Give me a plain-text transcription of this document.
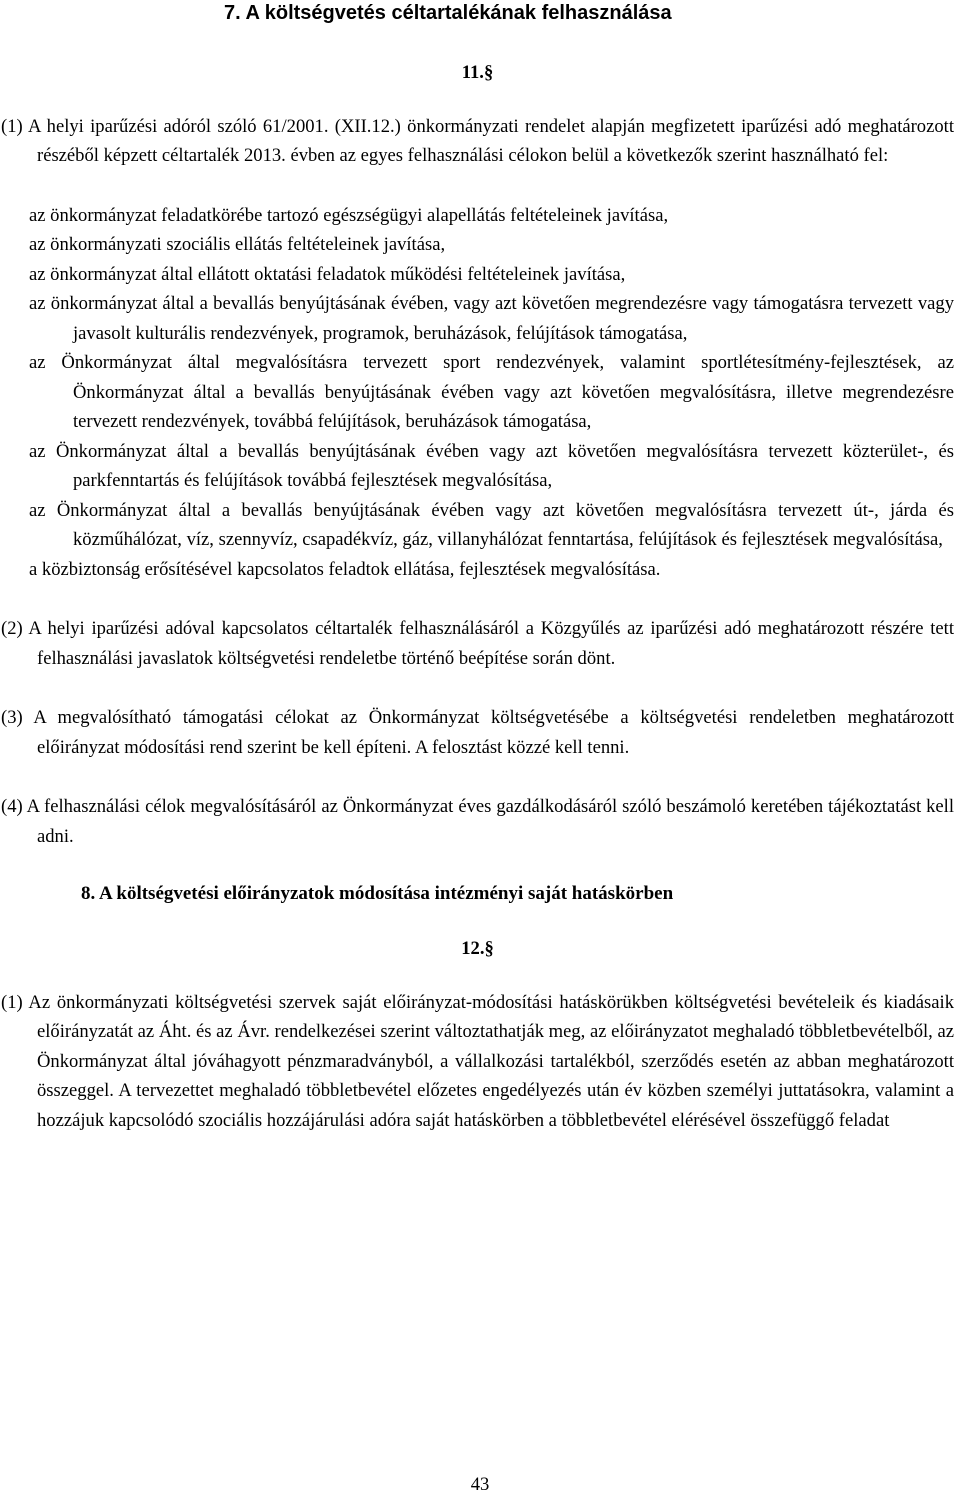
7. A költségvetés céltartalékának felhasználása
11.§

(1) A helyi iparűzési adóról szóló 61/2001. (XII.12.) önkormányzati rendelet alapján megfizetett iparűzési adó meghatározott részéből képzett céltartalék 2013. évben az egyes felhasználási célokon belül a következők szerint használható fel:

az önkormányzat feladatkörébe tartozó egészségügyi alapellátás feltételeinek javítása,
az önkormányzati szociális ellátás feltételeinek javítása,
az önkormányzat által ellátott oktatási feladatok működési feltételeinek javítása,
az önkormányzat által a bevallás benyújtásának évében, vagy azt követően megrendezésre vagy támogatásra tervezett vagy javasolt kulturális rendezvények, programok, beruházások, felújítások támogatása,
az Önkormányzat által megvalósításra tervezett sport rendezvények, valamint sportlétesítmény-fejlesztések, az Önkormányzat által a bevallás benyújtásának évében vagy azt követően megvalósításra, illetve megrendezésre tervezett rendezvények, továbbá felújítások, beruházások támogatása,
az Önkormányzat által a bevallás benyújtásának évében vagy azt követően megvalósításra tervezett közterület-, és parkfenntartás és felújítások továbbá fejlesztések megvalósítása,
az Önkormányzat által a bevallás benyújtásának évében vagy azt követően megvalósításra tervezett út-, járda és közműhálózat, víz, szennyvíz, csapadékvíz, gáz, villanyhálózat fenntartása, felújítások és fejlesztések megvalósítása,
a közbiztonság erősítésével kapcsolatos feladtok ellátása, fejlesztések megvalósítása.

(2) A helyi iparűzési adóval kapcsolatos céltartalék felhasználásáról a Közgyűlés az iparűzési adó meghatározott részére tett felhasználási javaslatok költségvetési rendeletbe történő beépítése során dönt.

(3) A megvalósítható támogatási célokat az Önkormányzat költségvetésébe a költségvetési rendeletben meghatározott előirányzat módosítási rend szerint be kell építeni. A felosztást közzé kell tenni.

(4) A felhasználási célok megvalósításáról az Önkormányzat éves gazdálkodásáról szóló beszámoló keretében tájékoztatást kell adni.

8. A költségvetési előirányzatok módosítása intézményi saját hatáskörben
12.§

(1) Az önkormányzati költségvetési szervek saját előirányzat-módosítási hatáskörükben költségvetési bevételeik és kiadásaik előirányzatát az Áht. és az Ávr. rendelkezései szerint változtathatják meg, az előirányzatot meghaladó többletbevételből, az Önkormányzat által jóváhagyott pénzmaradványból, a vállalkozási tartalékból, szerződés esetén az abban meghatározott összeggel. A tervezettet meghaladó többletbevétel előzetes engedélyezés után év közben személyi juttatásokra, valamint a hozzájuk kapcsolódó szociális hozzájárulási adóra saját hatáskörben a többletbevétel elérésével összefüggő feladat

43
